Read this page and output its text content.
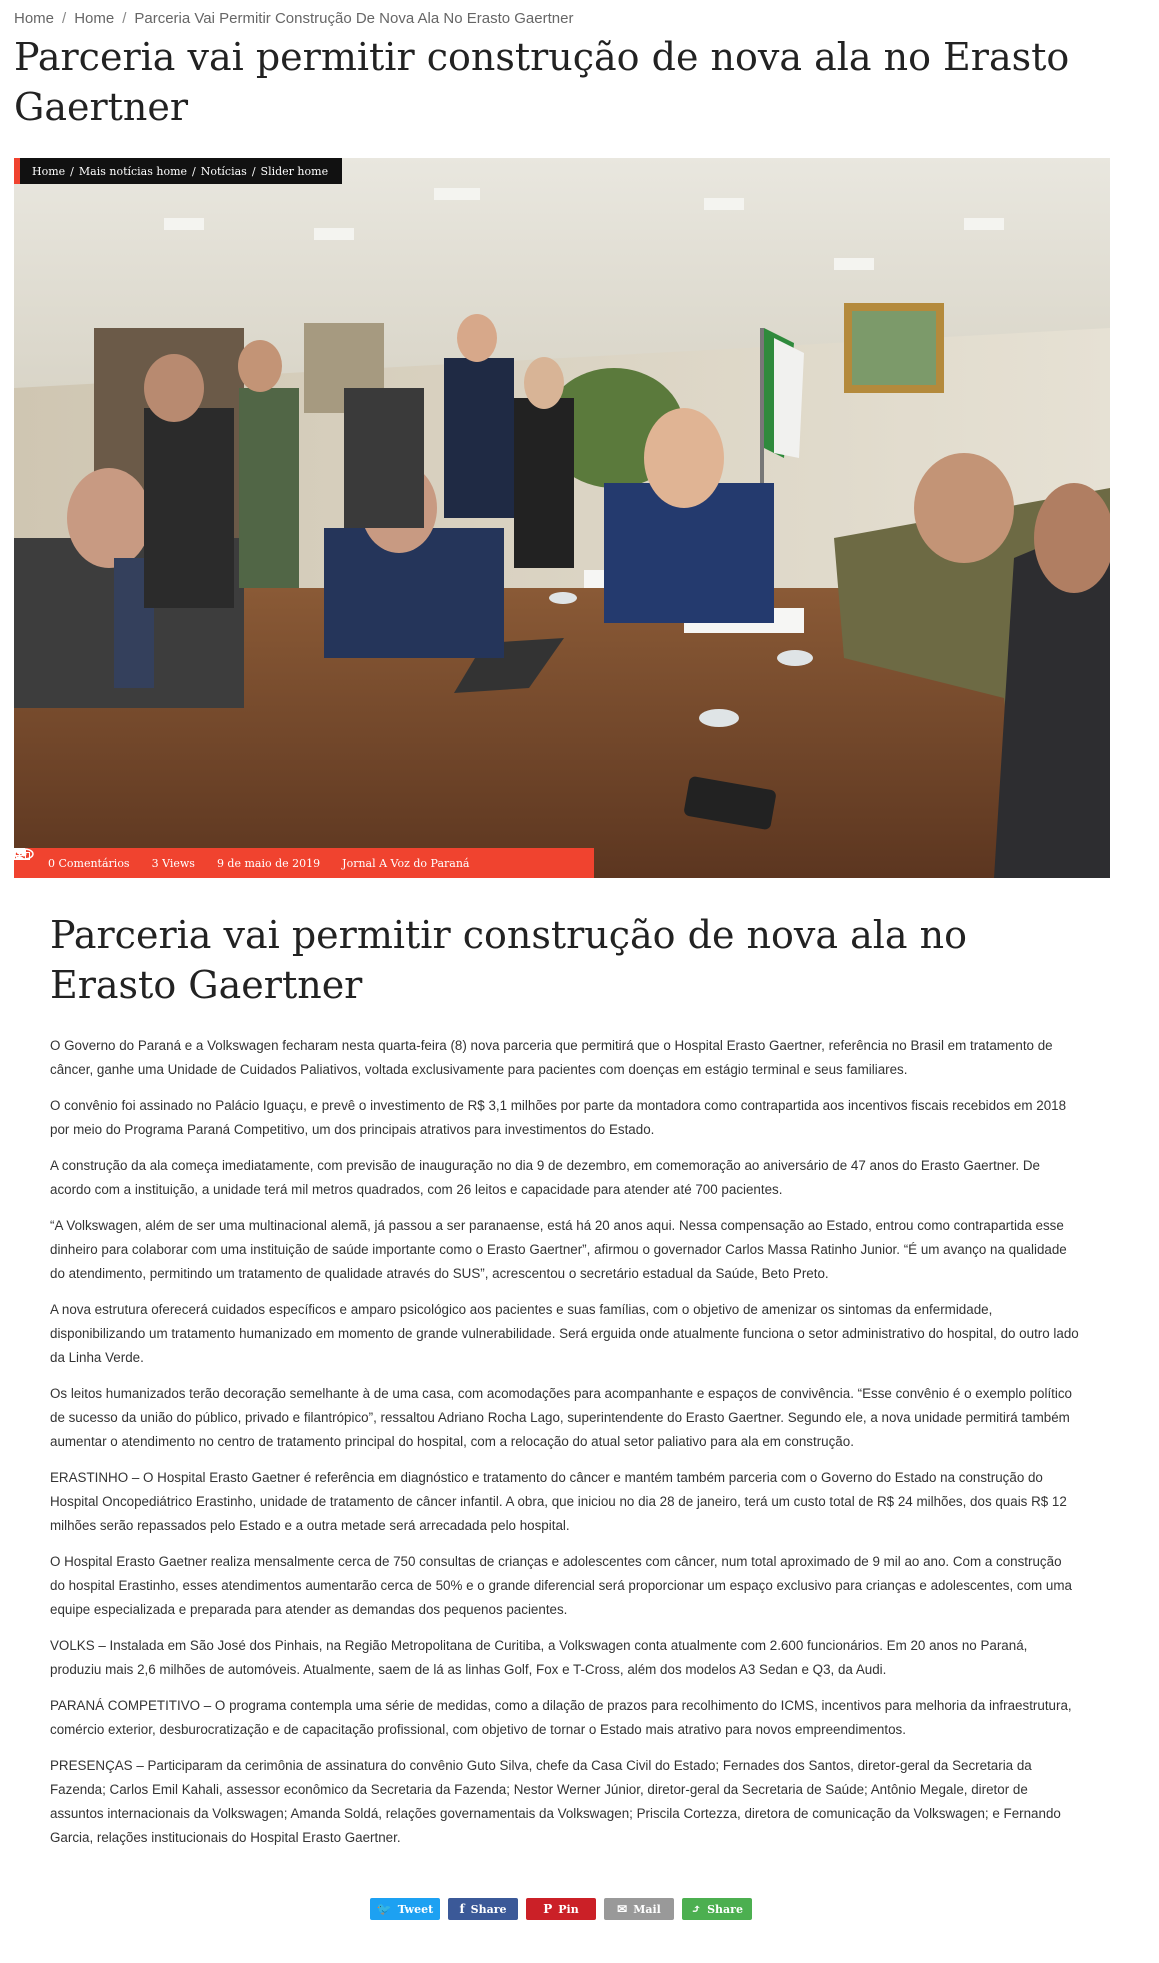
Home / Home / Parceria Vai Permitir Construção De Nova Ala No Erasto Gaertner
Parceria vai permitir construção de nova ala no Erasto Gaertner
Home / Mais notícias home / Notícias / Slider home
0 Comentários 3 Views 9 de maio de 2019 Jornal A Voz do Paraná
Parceria vai permitir construção de nova ala no Erasto Gaertner

O Governo do Paraná e a Volkswagen fecharam nesta quarta-feira (8) nova parceria que permitirá que o Hospital Erasto Gaertner, referência no Brasil em tratamento de câncer, ganhe uma Unidade de Cuidados Paliativos, voltada exclusivamente para pacientes com doenças em estágio terminal e seus familiares.

O convênio foi assinado no Palácio Iguaçu, e prevê o investimento de R$ 3,1 milhões por parte da montadora como contrapartida aos incentivos fiscais recebidos em 2018 por meio do Programa Paraná Competitivo, um dos principais atrativos para investimentos do Estado.

A construção da ala começa imediatamente, com previsão de inauguração no dia 9 de dezembro, em comemoração ao aniversário de 47 anos do Erasto Gaertner. De acordo com a instituição, a unidade terá mil metros quadrados, com 26 leitos e capacidade para atender até 700 pacientes.

“A Volkswagen, além de ser uma multinacional alemã, já passou a ser paranaense, está há 20 anos aqui. Nessa compensação ao Estado, entrou como contrapartida esse dinheiro para colaborar com uma instituição de saúde importante como o Erasto Gaertner”, afirmou o governador Carlos Massa Ratinho Junior. “É um avanço na qualidade do atendimento, permitindo um tratamento de qualidade através do SUS”, acrescentou o secretário estadual da Saúde, Beto Preto.

A nova estrutura oferecerá cuidados específicos e amparo psicológico aos pacientes e suas famílias, com o objetivo de amenizar os sintomas da enfermidade, disponibilizando um tratamento humanizado em momento de grande vulnerabilidade. Será erguida onde atualmente funciona o setor administrativo do hospital, do outro lado da Linha Verde.

Os leitos humanizados terão decoração semelhante à de uma casa, com acomodações para acompanhante e espaços de convivência. “Esse convênio é o exemplo político de sucesso da união do público, privado e filantrópico”, ressaltou Adriano Rocha Lago, superintendente do Erasto Gaertner. Segundo ele, a nova unidade permitirá também aumentar o atendimento no centro de tratamento principal do hospital, com a relocação do atual setor paliativo para ala em construção.

ERASTINHO – O Hospital Erasto Gaetner é referência em diagnóstico e tratamento do câncer e mantém também parceria com o Governo do Estado na construção do Hospital Oncopediátrico Erastinho, unidade de tratamento de câncer infantil. A obra, que iniciou no dia 28 de janeiro, terá um custo total de R$ 24 milhões, dos quais R$ 12 milhões serão repassados pelo Estado e a outra metade será arrecadada pelo hospital.

O Hospital Erasto Gaetner realiza mensalmente cerca de 750 consultas de crianças e adolescentes com câncer, num total aproximado de 9 mil ao ano. Com a construção do hospital Erastinho, esses atendimentos aumentarão cerca de 50% e o grande diferencial será proporcionar um espaço exclusivo para crianças e adolescentes, com uma equipe especializada e preparada para atender as demandas dos pequenos pacientes.

VOLKS – Instalada em São José dos Pinhais, na Região Metropolitana de Curitiba, a Volkswagen conta atualmente com 2.600 funcionários. Em 20 anos no Paraná, produziu mais 2,6 milhões de automóveis. Atualmente, saem de lá as linhas Golf, Fox e T-Cross, além dos modelos A3 Sedan e Q3, da Audi.

PARANÁ COMPETITIVO – O programa contempla uma série de medidas, como a dilação de prazos para recolhimento do ICMS, incentivos para melhoria da infraestrutura, comércio exterior, desburocratização e de capacitação profissional, com objetivo de tornar o Estado mais atrativo para novos empreendimentos.

PRESENÇAS – Participaram da cerimônia de assinatura do convênio Guto Silva, chefe da Casa Civil do Estado; Fernades dos Santos, diretor-geral da Secretaria da Fazenda; Carlos Emil Kahali, assessor econômico da Secretaria da Fazenda; Nestor Werner Júnior, diretor-geral da Secretaria de Saúde; Antônio Megale, diretor de assuntos internacionais da Volkswagen; Amanda Soldá, relações governamentais da Volkswagen; Priscila Cortezza, diretora de comunicação da Volkswagen; e Fernando Garcia, relações institucionais do Hospital Erasto Gaertner.

🐦 Tweet f Share	P Pin	✉ Mail	⤴ Share
